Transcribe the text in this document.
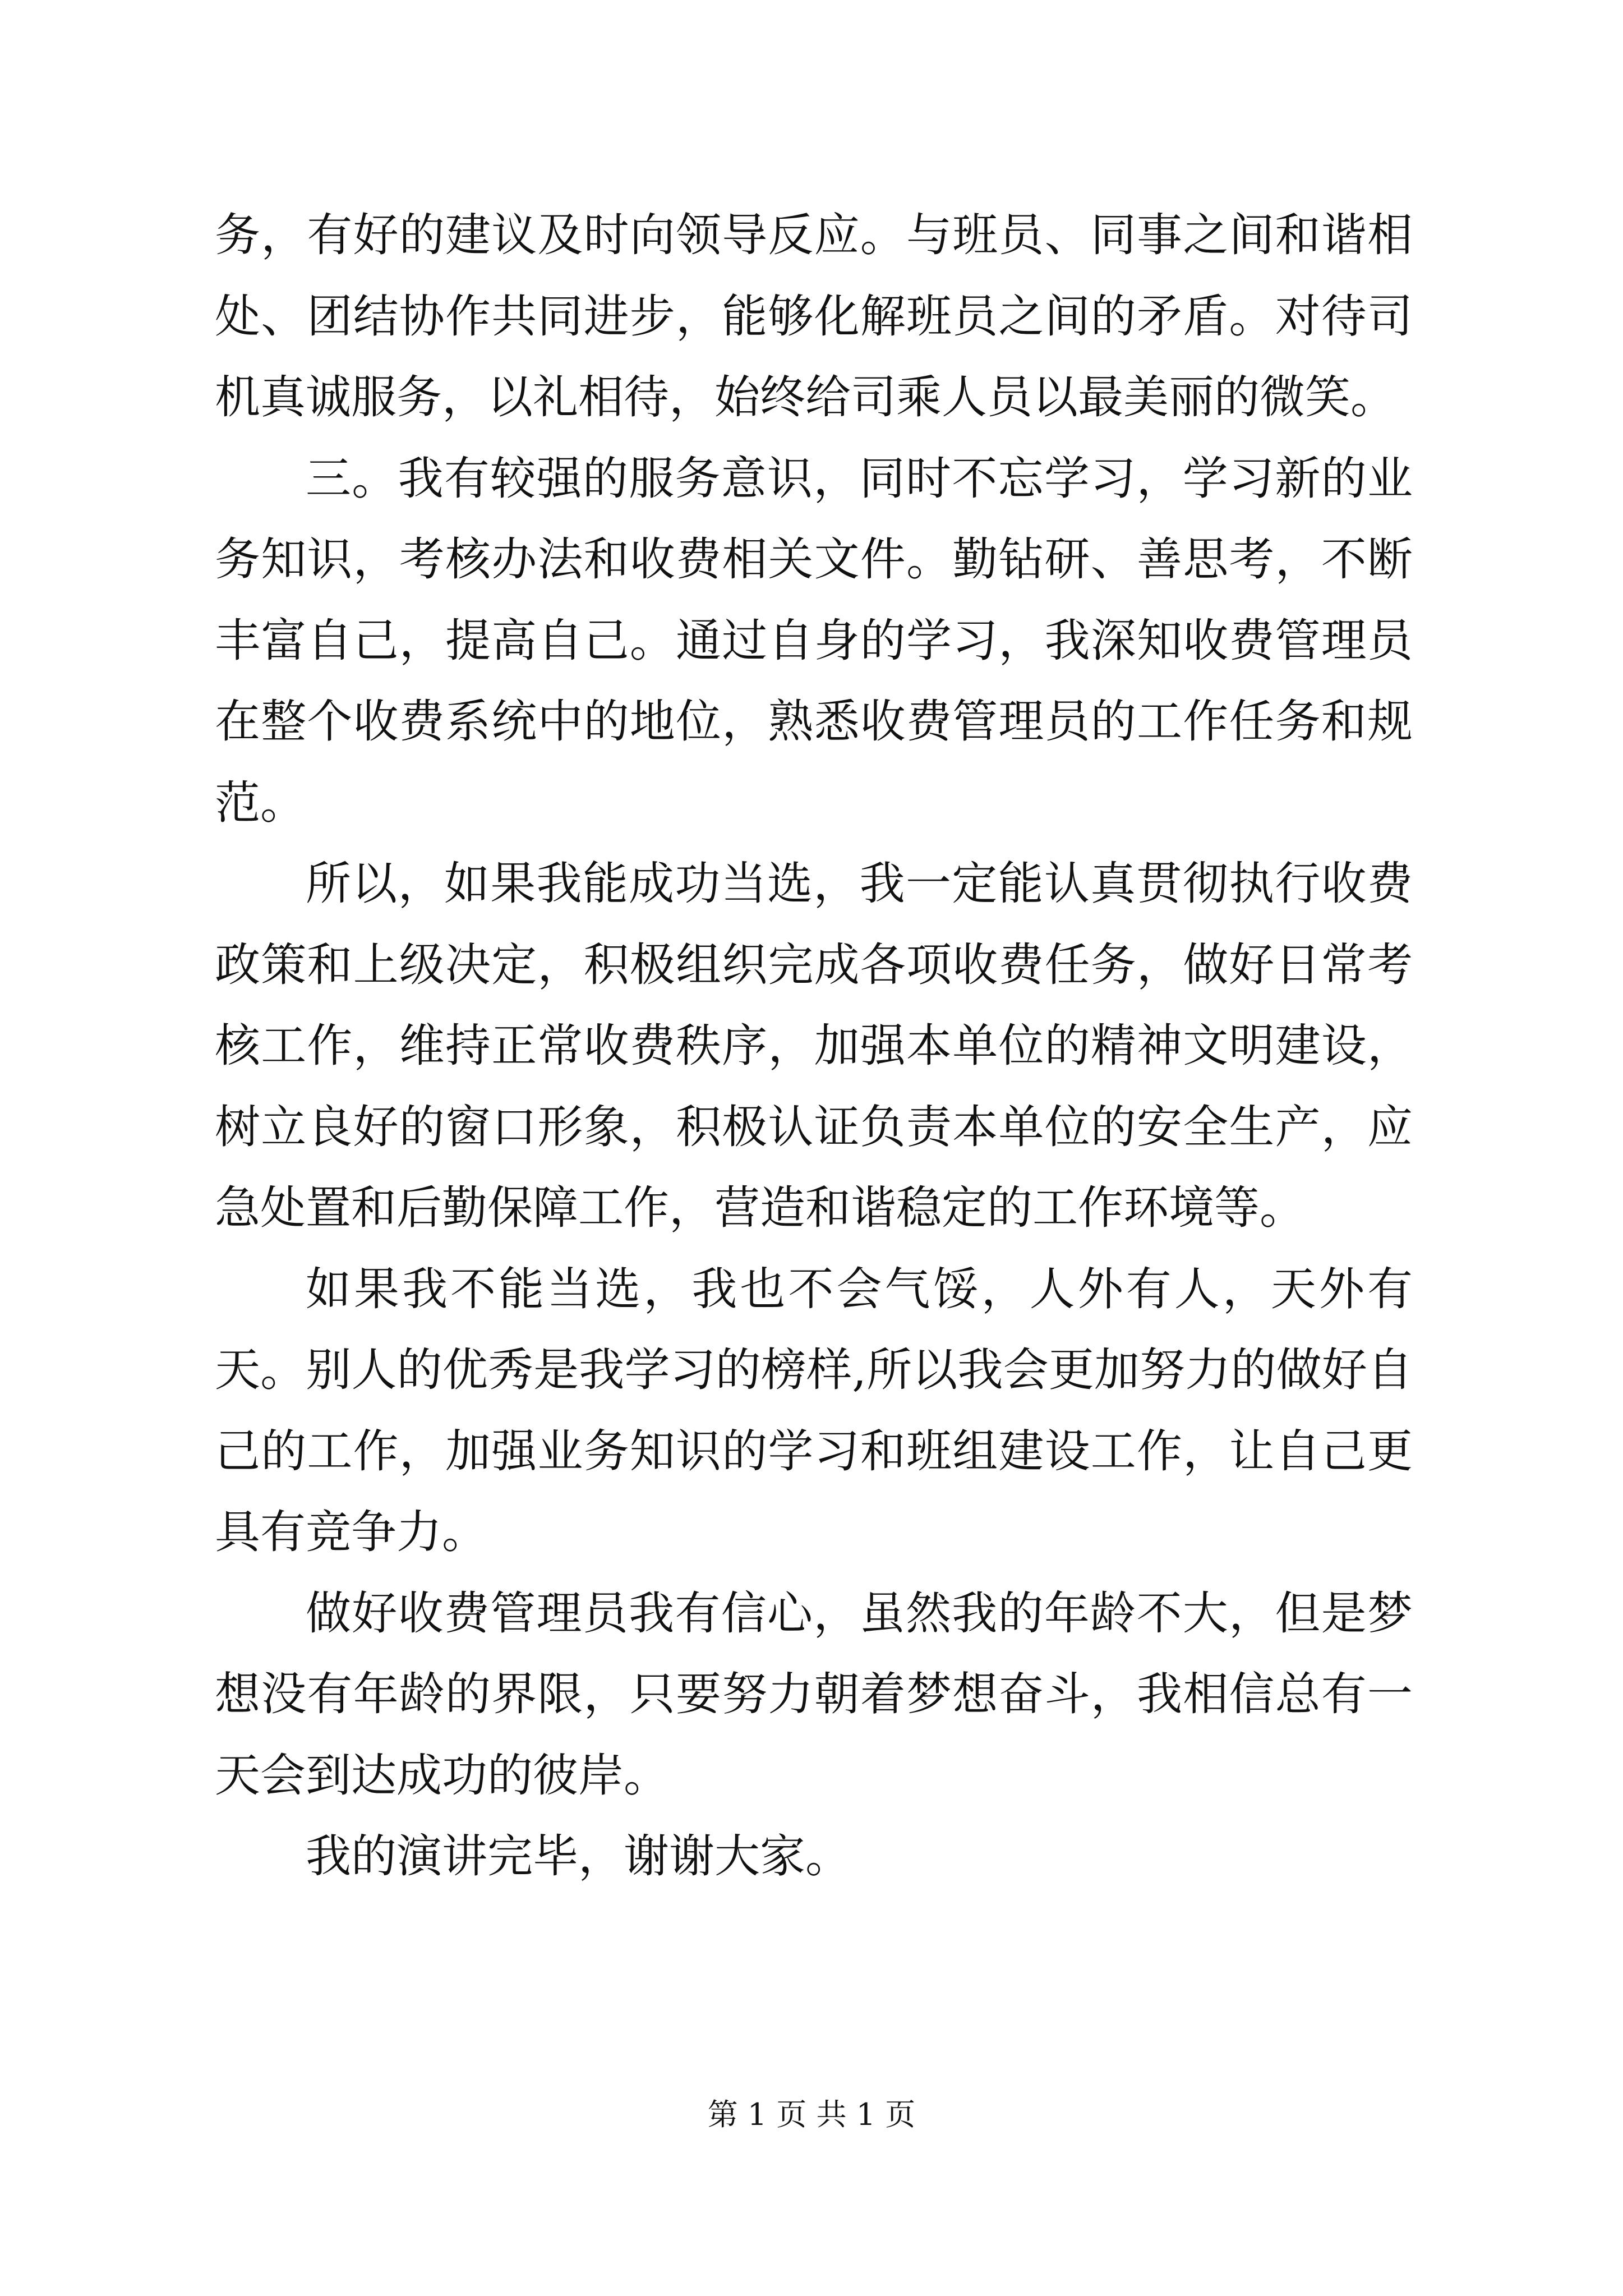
务，有好的建议及时向领导反应。与班员、同事之间和谐相处、团结协作共同进步，能够化解班员之间的矛盾。对待司机真诚服务，以礼相待，始终给司乘人员以最美丽的微笑。

三。我有较强的服务意识，同时不忘学习，学习新的业务知识，考核办法和收费相关文件。勤钻研、善思考，不断丰富自己，提高自己。通过自身的学习，我深知收费管理员在整个收费系统中的地位，熟悉收费管理员的工作任务和规范。

所以，如果我能成功当选，我一定能认真贯彻执行收费政策和上级决定，积极组织完成各项收费任务，做好日常考核工作，维持正常收费秩序，加强本单位的精神文明建设，树立良好的窗口形象，积极认证负责本单位的安全生产，应急处置和后勤保障工作，营造和谐稳定的工作环境等。

如果我不能当选，我也不会气馁，人外有人，天外有天。别人的优秀是我学习的榜样,所以我会更加努力的做好自己的工作，加强业务知识的学习和班组建设工作，让自己更具有竞争力。

做好收费管理员我有信心，虽然我的年龄不大，但是梦想没有年龄的界限，只要努力朝着梦想奋斗，我相信总有一天会到达成功的彼岸。

我的演讲完毕，谢谢大家。

第 1 页 共 1 页
